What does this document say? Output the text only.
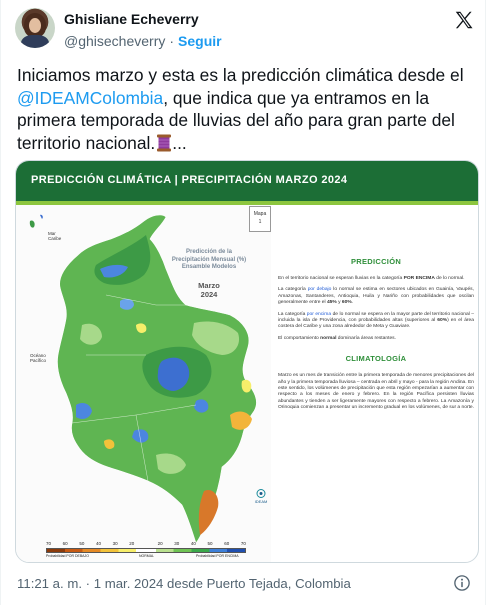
Ghisliane Echeverry
@ghisecheverry · Seguir
Iniciamos marzo y esta es la predicción climática desde el @IDEAMColombia, que indica que ya entramos en la primera temporada de lluvias del año para gran parte del territorio nacional. ...
PREDICCIÓN CLIMÁTICA | PRECIPITACIÓN MARZO 2024
Mar
Caribe
Océano
Pacífico
Mapa
1
Predicción de la
Precipitación Mensual (%)
Ensamble Modelos
Marzo
2024
IDEAM
70	60	50	40	30	20	20	30	40	50	60	70
Probabilidad POR DEBAJO	NORMAL	Probabilidad POR ENCIMA
PREDICCIÓN

En el territorio nacional se esperan lluvias en la categoría POR ENCIMA de lo normal.

La categoría por debajo lo normal se estima en sectores ubicados en Guainía, Vaupés, Amazonas, Santanderes, Antioquia, Huila y Nariño con probabilidades que oscilan generalmente entre el 45% y 60%.

La categoría por encima de lo normal se espera en la mayor parte del territorio nacional – incluida la isla de Providencia, con probabilidades altas (superiores al 60%) en el área costera del Caribe y una zona alrededor de Meta y Guaviare.

El comportamiento normal dominaría áreas restantes.

CLIMATOLOGÍA

Marzo es un mes de transición entre la primera temporada de menores precipitaciones del año y la primera temporada lluviosa – centrada en abril y mayo - para la región Andina. En este sentido, los volúmenes de precipitación que esta región empezarían a aumentar con respecto a los meses de enero y febrero. En la región Pacífica persisten lluvias abundantes y tienden a ser ligeramente mayores con respecto a febrero. La Amazonía y Orinoquia comienzan a presentar un incremento gradual en los volúmenes, de sur a norte.

11:21 a. m. · 1 mar. 2024 desde Puerto Tejada, Colombia
